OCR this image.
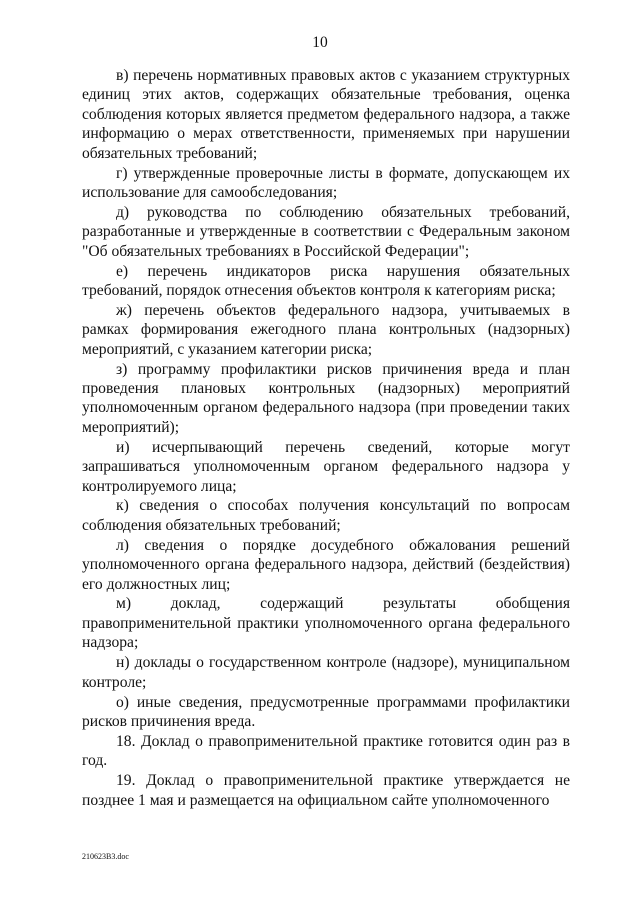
10

в) перечень нормативных правовых актов с указанием структурных единиц этих актов, содержащих обязательные требования, оценка соблюдения которых является предметом федерального надзора, а также информацию о мерах ответственности, применяемых при нарушении обязательных требований;

г) утвержденные проверочные листы в формате, допускающем их использование для самообследования;

д) руководства по соблюдению обязательных требований, разработанные и утвержденные в соответствии с Федеральным законом "Об обязательных требованиях в Российской Федерации";

е) перечень индикаторов риска нарушения обязательных требований, порядок отнесения объектов контроля к категориям риска;

ж) перечень объектов федерального надзора, учитываемых в рамках формирования ежегодного плана контрольных (надзорных) мероприятий, с указанием категории риска;

з) программу профилактики рисков причинения вреда и план проведения плановых контрольных (надзорных) мероприятий уполномоченным органом федерального надзора (при проведении таких мероприятий);

и) исчерпывающий перечень сведений, которые могут запрашиваться уполномоченным органом федерального надзора у контролируемого лица;

к) сведения о способах получения консультаций по вопросам соблюдения обязательных требований;

л) сведения о порядке досудебного обжалования решений уполномоченного органа федерального надзора, действий (бездействия) его должностных лиц;

м) доклад, содержащий результаты обобщения правоприменительной практики уполномоченного органа федерального надзора;

н) доклады о государственном контроле (надзоре), муниципальном контроле;

о) иные сведения, предусмотренные программами профилактики рисков причинения вреда.

18. Доклад о правоприменительной практике готовится один раз в год.

19. Доклад о правоприменительной практике утверждается не позднее 1 мая и размещается на официальном сайте уполномоченного

210623B3.doc
